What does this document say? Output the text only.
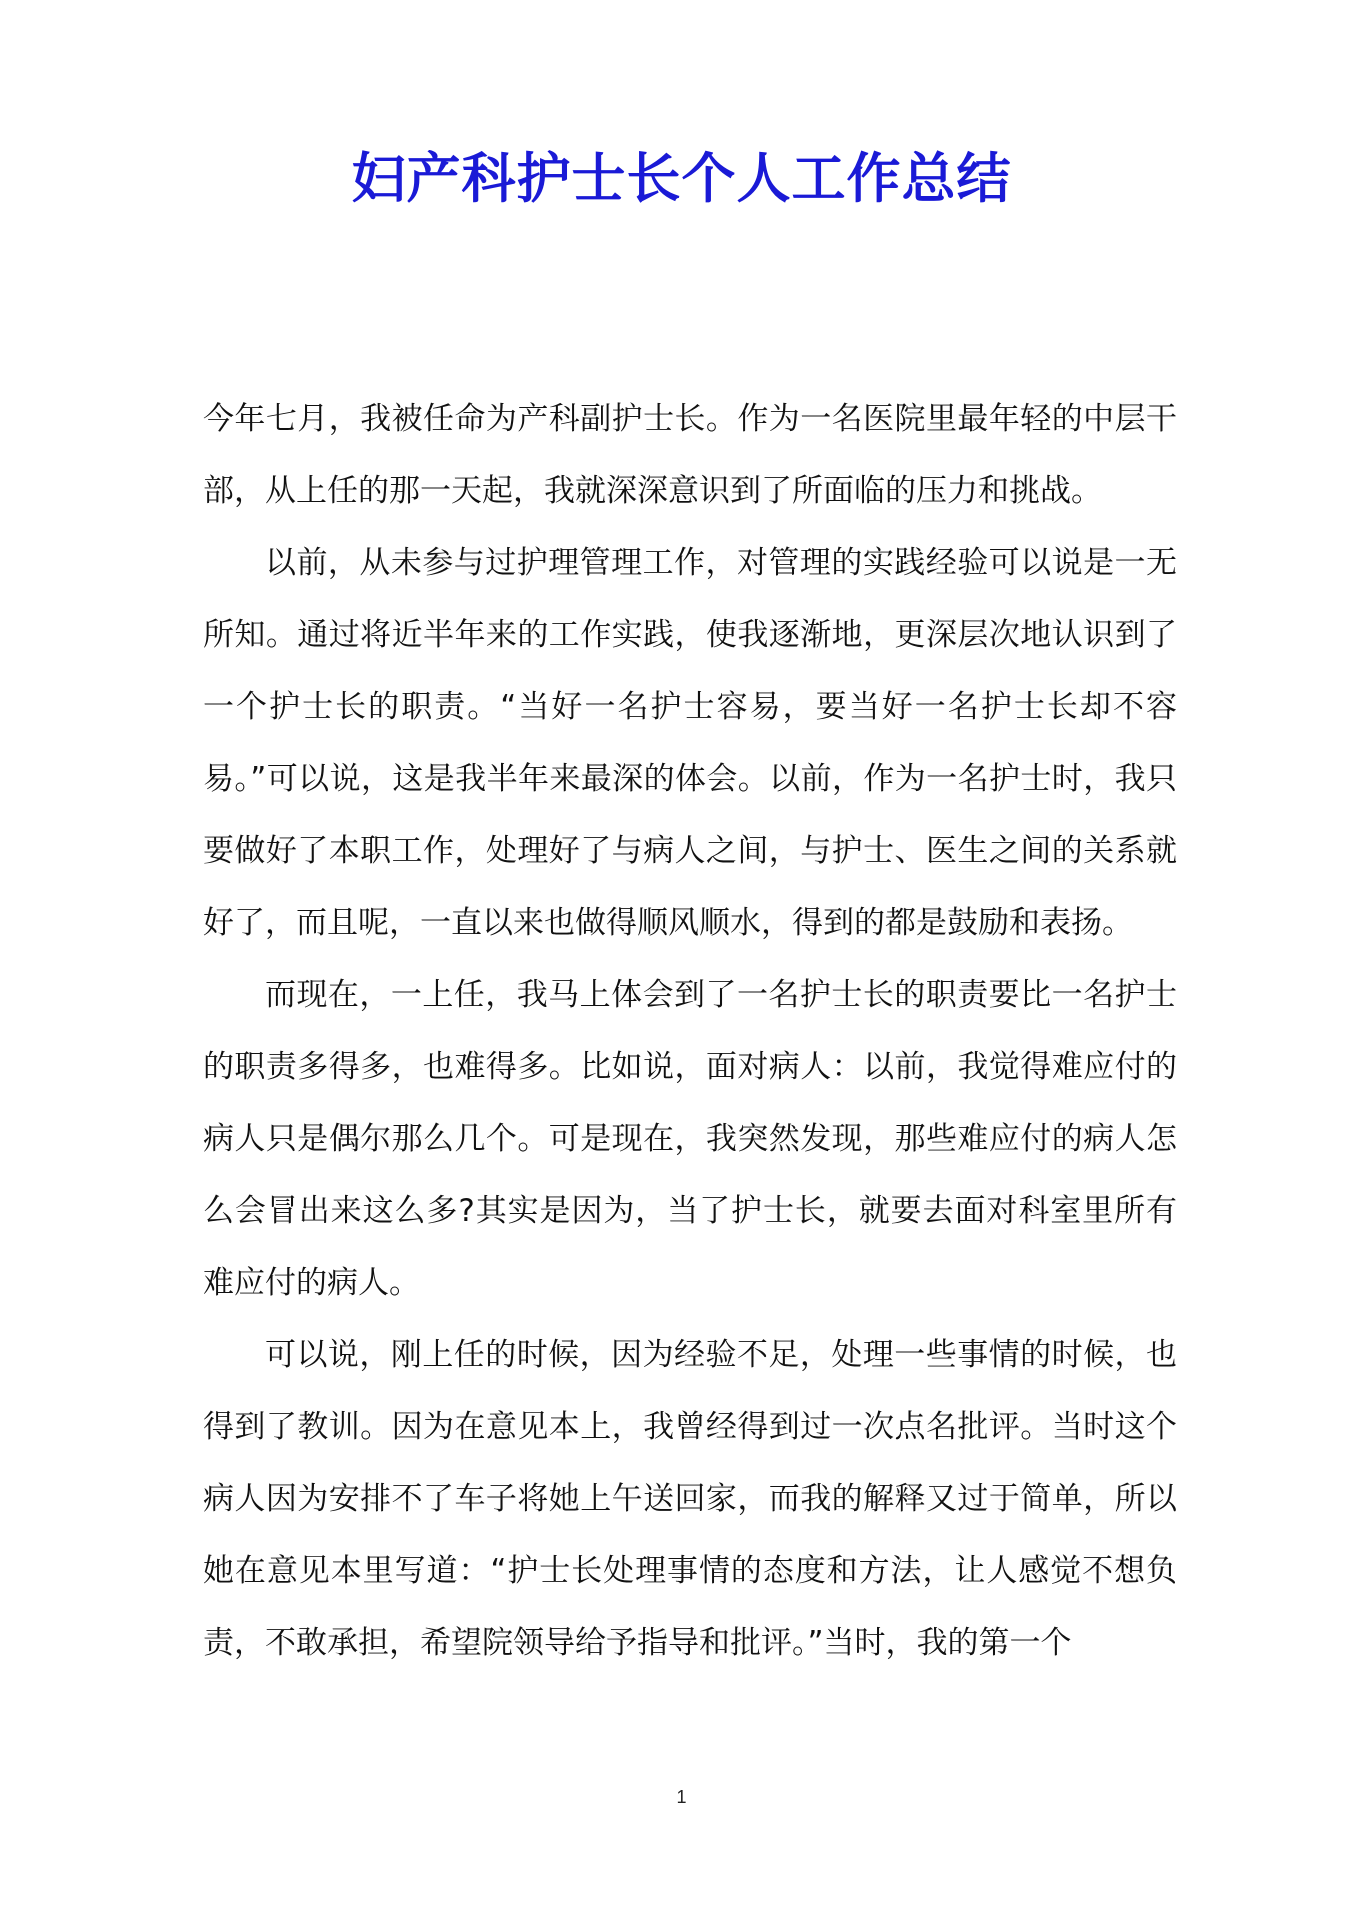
妇产科护士长个人工作总结

今年七月，我被任命为产科副护士长。作为一名医院里最年轻的中层干部，从上任的那一天起，我就深深意识到了所面临的压力和挑战。

以前，从未参与过护理管理工作，对管理的实践经验可以说是一无所知。通过将近半年来的工作实践，使我逐渐地，更深层次地认识到了一个护士长的职责。“当好一名护士容易，要当好一名护士长却不容易。”可以说，这是我半年来最深的体会。以前，作为一名护士时，我只要做好了本职工作，处理好了与病人之间，与护士、医生之间的关系就好了，而且呢，一直以来也做得顺风顺水，得到的都是鼓励和表扬。

而现在，一上任，我马上体会到了一名护士长的职责要比一名护士的职责多得多，也难得多。比如说，面对病人：以前，我觉得难应付的病人只是偶尔那么几个。可是现在，我突然发现，那些难应付的病人怎么会冒出来这么多?其实是因为，当了护士长，就要去面对科室里所有难应付的病人。

可以说，刚上任的时候，因为经验不足，处理一些事情的时候，也得到了教训。因为在意见本上，我曾经得到过一次点名批评。当时这个病人因为安排不了车子将她上午送回家，而我的解释又过于简单，所以她在意见本里写道：“护士长处理事情的态度和方法，让人感觉不想负责，不敢承担，希望院领导给予指导和批评。”当时，我的第一个

1
